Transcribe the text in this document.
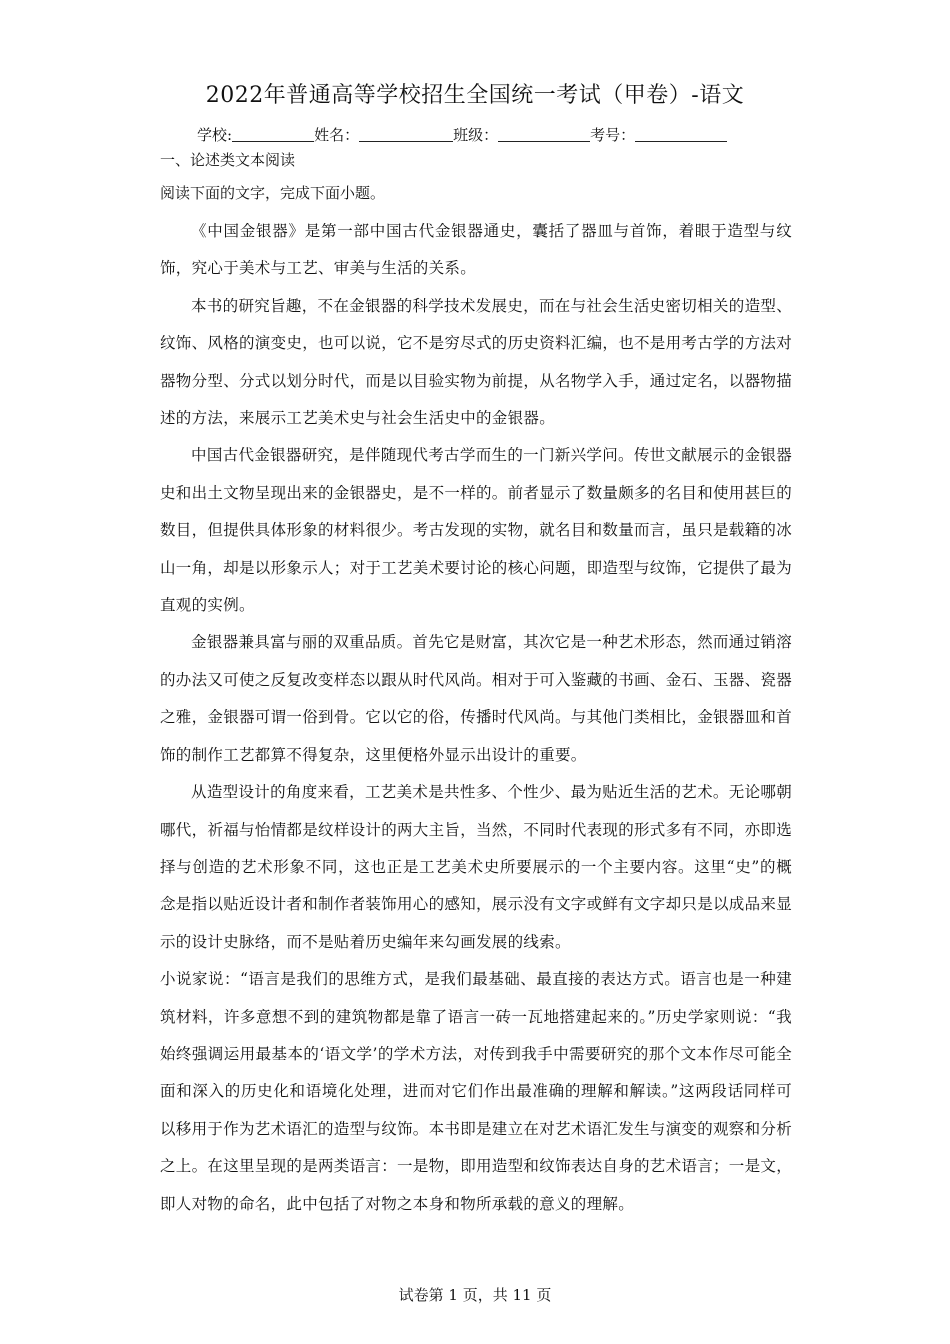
2022年普通高等学校招生全国统一考试（甲卷）-语文
学校:	姓名：	班级：	考号：
一、论述类文本阅读
阅读下面的文字，完成下面小题。

《中国金银器》是第一部中国古代金银器通史，囊括了器皿与首饰，着眼于造型与纹饰，究心于美术与工艺、审美与生活的关系。

本书的研究旨趣，不在金银器的科学技术发展史，而在与社会生活史密切相关的造型、纹饰、风格的演变史，也可以说，它不是穷尽式的历史资料汇编，也不是用考古学的方法对器物分型、分式以划分时代，而是以目验实物为前提，从名物学入手，通过定名，以器物描述的方法，来展示工艺美术史与社会生活史中的金银器。

中国古代金银器研究，是伴随现代考古学而生的一门新兴学问。传世文献展示的金银器史和出土文物呈现出来的金银器史，是不一样的。前者显示了数量颇多的名目和使用甚巨的数目，但提供具体形象的材料很少。考古发现的实物，就名目和数量而言，虽只是载籍的冰山一角，却是以形象示人；对于工艺美术要讨论的核心问题，即造型与纹饰，它提供了最为直观的实例。

金银器兼具富与丽的双重品质。首先它是财富，其次它是一种艺术形态，然而通过销溶的办法又可使之反复改变样态以跟从时代风尚。相对于可入鉴藏的书画、金石、玉器、瓷器之雅，金银器可谓一俗到骨。它以它的俗，传播时代风尚。与其他门类相比，金银器皿和首饰的制作工艺都算不得复杂，这里便格外显示出设计的重要。

从造型设计的角度来看，工艺美术是共性多、个性少、最为贴近生活的艺术。无论哪朝哪代，祈福与怡情都是纹样设计的两大主旨，当然，不同时代表现的形式多有不同，亦即选择与创造的艺术形象不同，这也正是工艺美术史所要展示的一个主要内容。这里“史”的概念是指以贴近设计者和制作者装饰用心的感知，展示没有文字或鲜有文字却只是以成品来显示的设计史脉络，而不是贴着历史编年来勾画发展的线索。

小说家说：“语言是我们的思维方式，是我们最基础、最直接的表达方式。语言也是一种建筑材料，许多意想不到的建筑物都是靠了语言一砖一瓦地搭建起来的。”历史学家则说：“我始终强调运用最基本的‘语文学’的学术方法，对传到我手中需要研究的那个文本作尽可能全面和深入的历史化和语境化处理，进而对它们作出最准确的理解和解读。”这两段话同样可以移用于作为艺术语汇的造型与纹饰。本书即是建立在对艺术语汇发生与演变的观察和分析之上。在这里呈现的是两类语言：一是物，即用造型和纹饰表达自身的艺术语言；一是文，即人对物的命名，此中包括了对物之本身和物所承载的意义的理解。

试卷第 1 页，共 11 页
